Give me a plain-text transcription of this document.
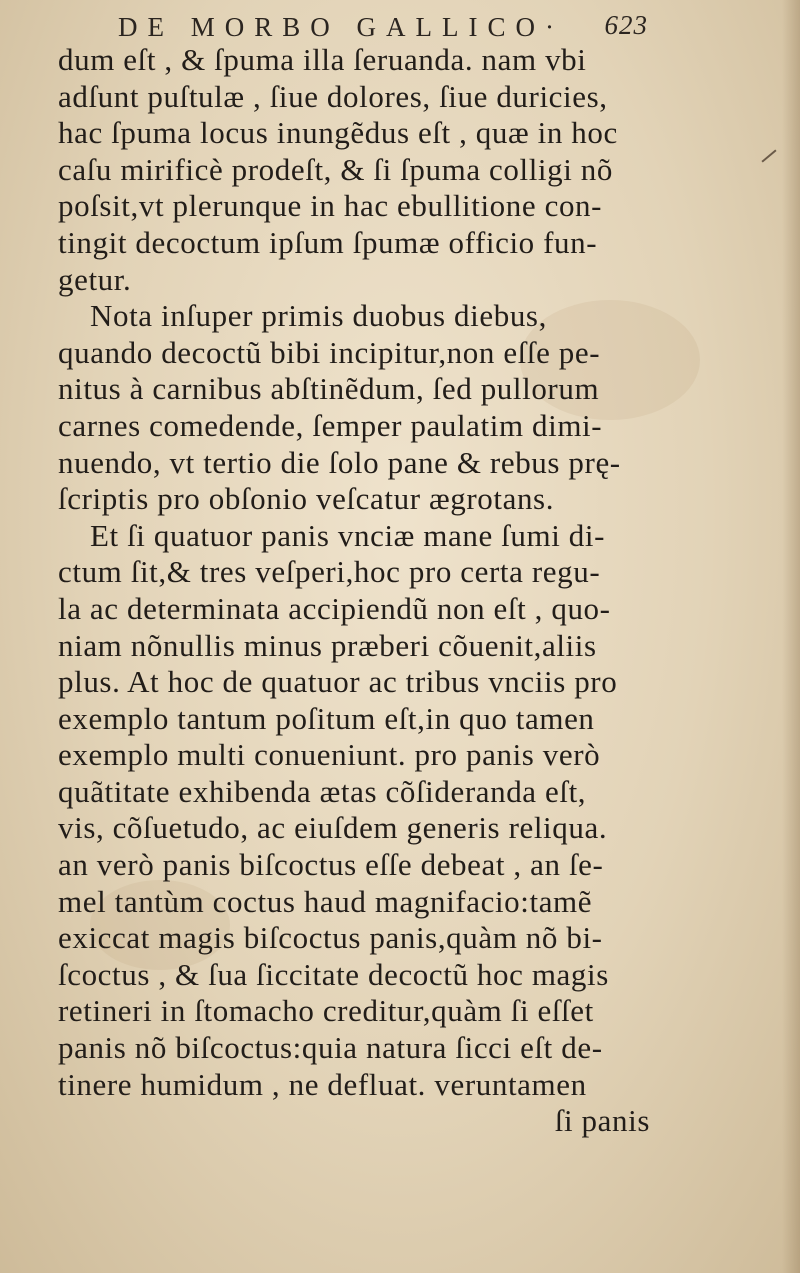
DE MORBO GALLICO· 623
dum eſt , & ſpuma illa ſeruanda. nam vbi
adſunt puſtulæ , ſiue dolores, ſiue duricies,
hac ſpuma locus inungẽdus eſt , quæ in hoc
caſu mirificè prodeſt, & ſi ſpuma colligi nõ
poſsit,vt plerunque in hac ebullitione con-
tingit decoctum ipſum ſpumæ officio fun-
getur.
Nota inſuper primis duobus diebus,
quando decoctũ bibi incipitur,non eſſe pe-
nitus à carnibus abſtinẽdum, ſed pullorum
carnes comedende, ſemper paulatim dimi-
nuendo, vt tertio die ſolo pane & rebus prę-
ſcriptis pro obſonio veſcatur ægrotans.
Et ſi quatuor panis vnciæ mane ſumi di-
ctum ſit,& tres veſperi,hoc pro certa regu-
la ac determinata accipiendũ non eſt , quo-
niam nõnullis minus præberi cõuenit,aliis
plus. At hoc de quatuor ac tribus vnciis pro
exemplo tantum poſitum eſt,in quo tamen
exemplo multi conueniunt. pro panis verò
quãtitate exhibenda ætas cõſideranda eſt,
vis, cõſuetudo, ac eiuſdem generis reliqua.
an verò panis biſcoctus eſſe debeat , an ſe-
mel tantùm coctus haud magnifacio:tamẽ
exiccat magis biſcoctus panis,quàm nõ bi-
ſcoctus , & ſua ſiccitate decoctũ hoc magis
retineri in ſtomacho creditur,quàm ſi eſſet
panis nõ biſcoctus:quia natura ſicci eſt de-
tinere humidum , ne defluat. veruntamen
ſi panis
